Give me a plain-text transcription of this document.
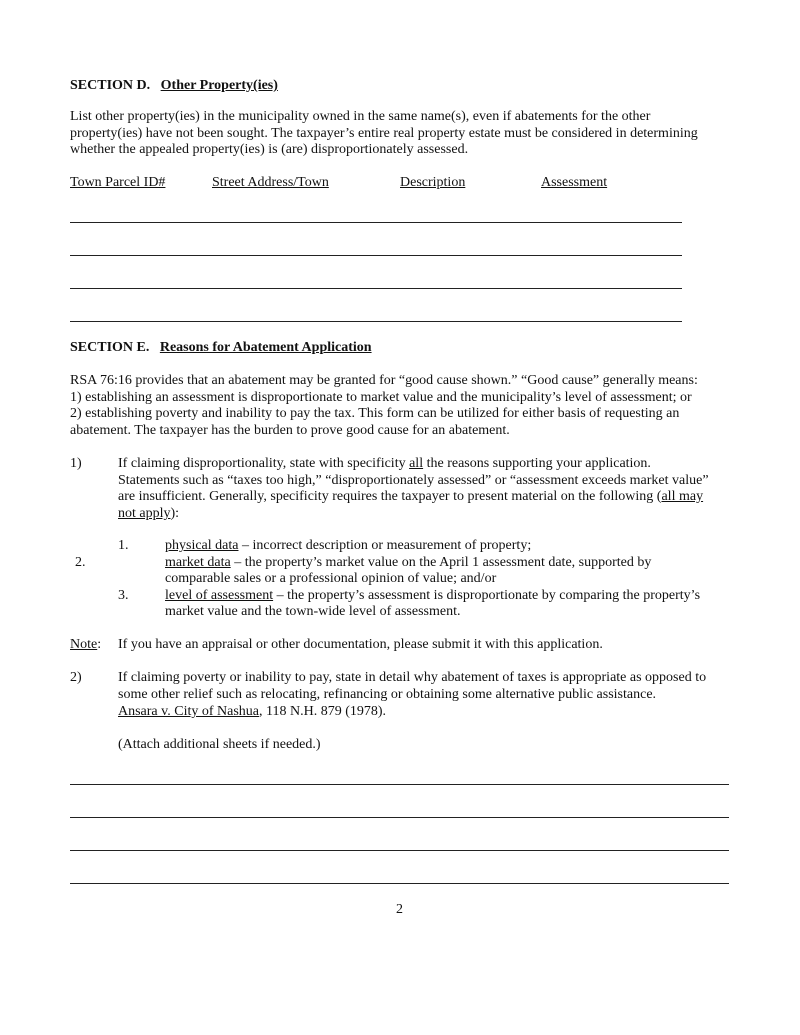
SECTION D. Other Property(ies)
List other property(ies) in the municipality owned in the same name(s), even if abatements for the other
property(ies) have not been sought. The taxpayer’s entire real property estate must be considered in determining
whether the appealed property(ies) is (are) disproportionately assessed.
Town Parcel ID#	Street Address/Town	Description	Assessment
SECTION E. Reasons for Abatement Application
RSA 76:16 provides that an abatement may be granted for “good cause shown.” “Good cause” generally means:
1) establishing an assessment is disproportionate to market value and the municipality’s level of assessment; or
2) establishing poverty and inability to pay the tax. This form can be utilized for either basis of requesting an
abatement. The taxpayer has the burden to prove good cause for an abatement.
1)	If claiming disproportionality, state with specificity all the reasons supporting your application.
Statements such as “taxes too high,” “disproportionately assessed” or “assessment exceeds market value”
are insufficient. Generally, specificity requires the taxpayer to present material on the following (all may
not apply):
1.	physical data – incorrect description or measurement of property;
2.	market data – the property’s market value on the April 1 assessment date, supported by
comparable sales or a professional opinion of value; and/or
3.	level of assessment – the property’s assessment is disproportionate by comparing the property’s
market value and the town-wide level of assessment.
Note: If you have an appraisal or other documentation, please submit it with this application.
2)	If claiming poverty or inability to pay, state in detail why abatement of taxes is appropriate as opposed to
some other relief such as relocating, refinancing or obtaining some alternative public assistance.
Ansara v. City of Nashua, 118 N.H. 879 (1978).
(Attach additional sheets if needed.)
2
